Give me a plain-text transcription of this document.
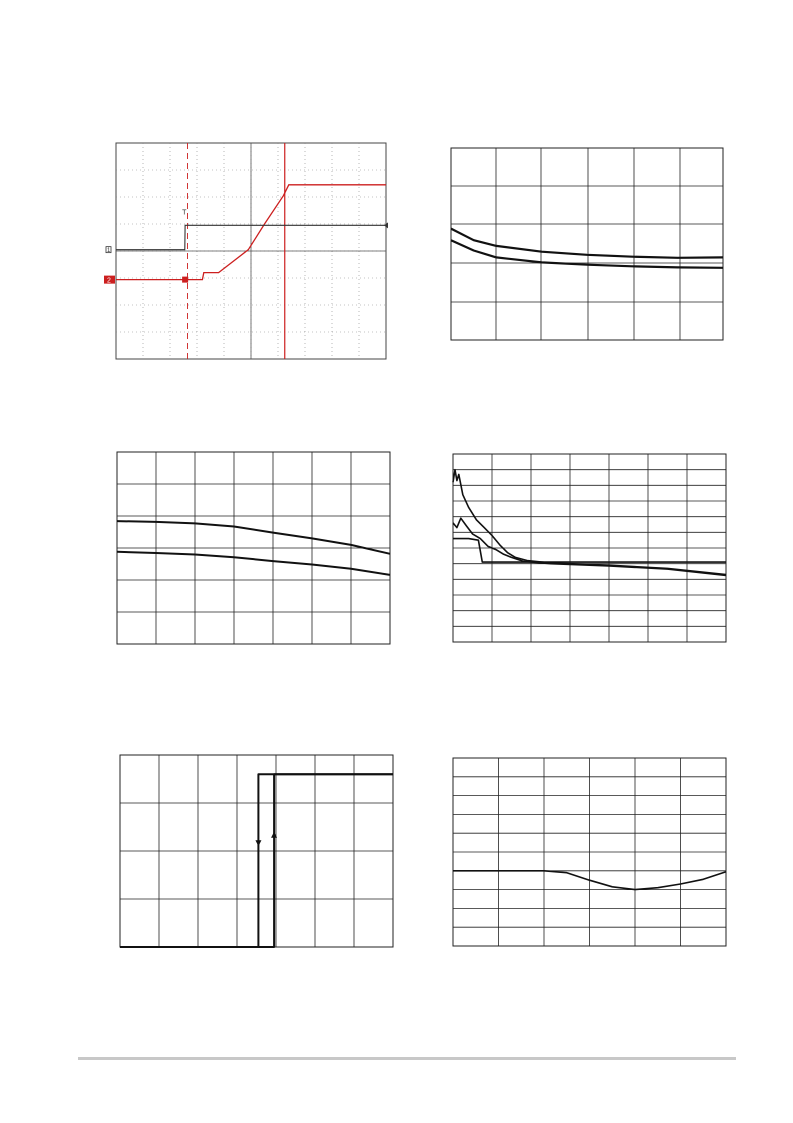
1
2
T
